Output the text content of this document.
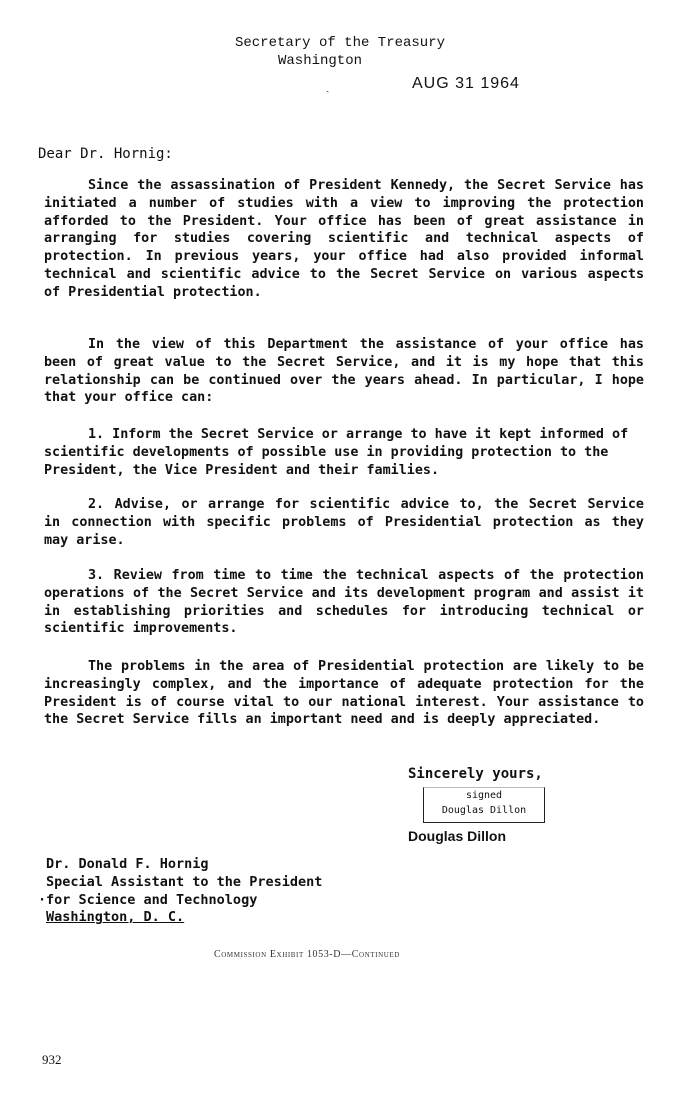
Secretary of the Treasury
Washington
ˎ	AUG 31 1964
Dear Dr. Hornig:
Since the assassination of President Kennedy, the Secret Service has initiated a number of studies with a view to improving the protection afforded to the President. Your office has been of great assistance in arranging for studies covering scientific and technical aspects of protection. In previous years, your office had also provided informal technical and scientific advice to the Secret Service on various aspects of Presidential protection.
In the view of this Department the assistance of your office has been of great value to the Secret Service, and it is my hope that this relationship can be continued over the years ahead. In particular, I hope that your office can:
1. Inform the Secret Service or arrange to have it kept informed of scientific developments of possible use in providing protection to the President, the Vice President and their families.
2. Advise, or arrange for scientific advice to, the Secret Service in connection with specific problems of Presidential protection as they may arise.
3. Review from time to time the technical aspects of the protection operations of the Secret Service and its development program and assist it in establishing priorities and schedules for introducing technical or scientific improvements.
The problems in the area of Presidential protection are likely to be increasingly complex, and the importance of adequate protection for the President is of course vital to our national interest. Your assistance to the Secret Service fills an important need and is deeply appreciated.
Sincerely yours,
signed
Douglas Dillon
Douglas Dillon
Dr. Donald F. Hornig
Special Assistant to the President
· for Science and Technology
Washington, D. C.
Commission Exhibit 1053-D—Continued
932
